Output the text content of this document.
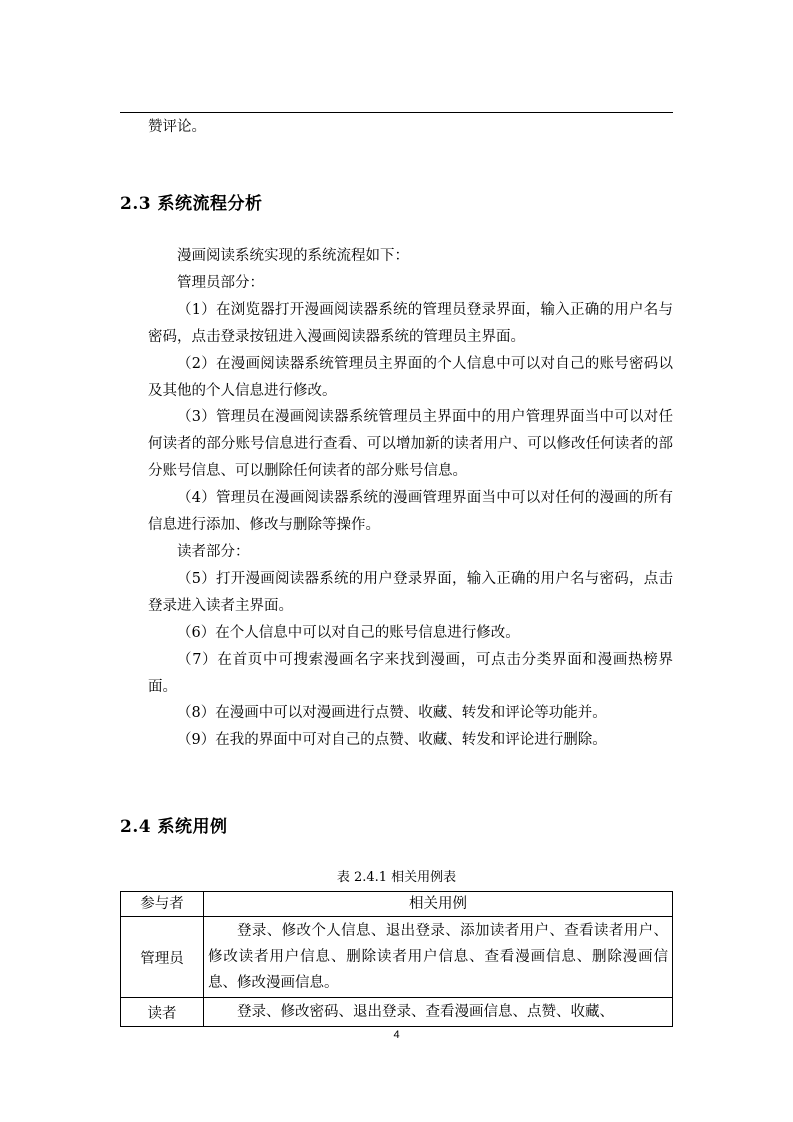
赞评论。
2.3 系统流程分析

漫画阅读系统实现的系统流程如下：

管理员部分：

（1）在浏览器打开漫画阅读器系统的管理员登录界面，输入正确的用户名与密码，点击登录按钮进入漫画阅读器系统的管理员主界面。

（2）在漫画阅读器系统管理员主界面的个人信息中可以对自己的账号密码以及其他的个人信息进行修改。

（3）管理员在漫画阅读器系统管理员主界面中的用户管理界面当中可以对任何读者的部分账号信息进行查看、可以增加新的读者用户、可以修改任何读者的部分账号信息、可以删除任何读者的部分账号信息。

（4）管理员在漫画阅读器系统的漫画管理界面当中可以对任何的漫画的所有信息进行添加、修改与删除等操作。

读者部分：

（5）打开漫画阅读器系统的用户登录界面，输入正确的用户名与密码，点击登录进入读者主界面。

（6）在个人信息中可以对自己的账号信息进行修改。

（7）在首页中可搜索漫画名字来找到漫画，可点击分类界面和漫画热榜界面。

（8）在漫画中可以对漫画进行点赞、收藏、转发和评论等功能并。

（9）在我的界面中可对自己的点赞、收藏、转发和评论进行删除。

2.4 系统用例
表 2.4.1 相关用例表
参与者	相关用例
管理员	登录、修改个人信息、退出登录、添加读者用户、查看读者用户、修改读者用户信息、删除读者用户信息、查看漫画信息、删除漫画信息、修改漫画信息。
读者	登录、修改密码、退出登录、查看漫画信息、点赞、收藏、
4
